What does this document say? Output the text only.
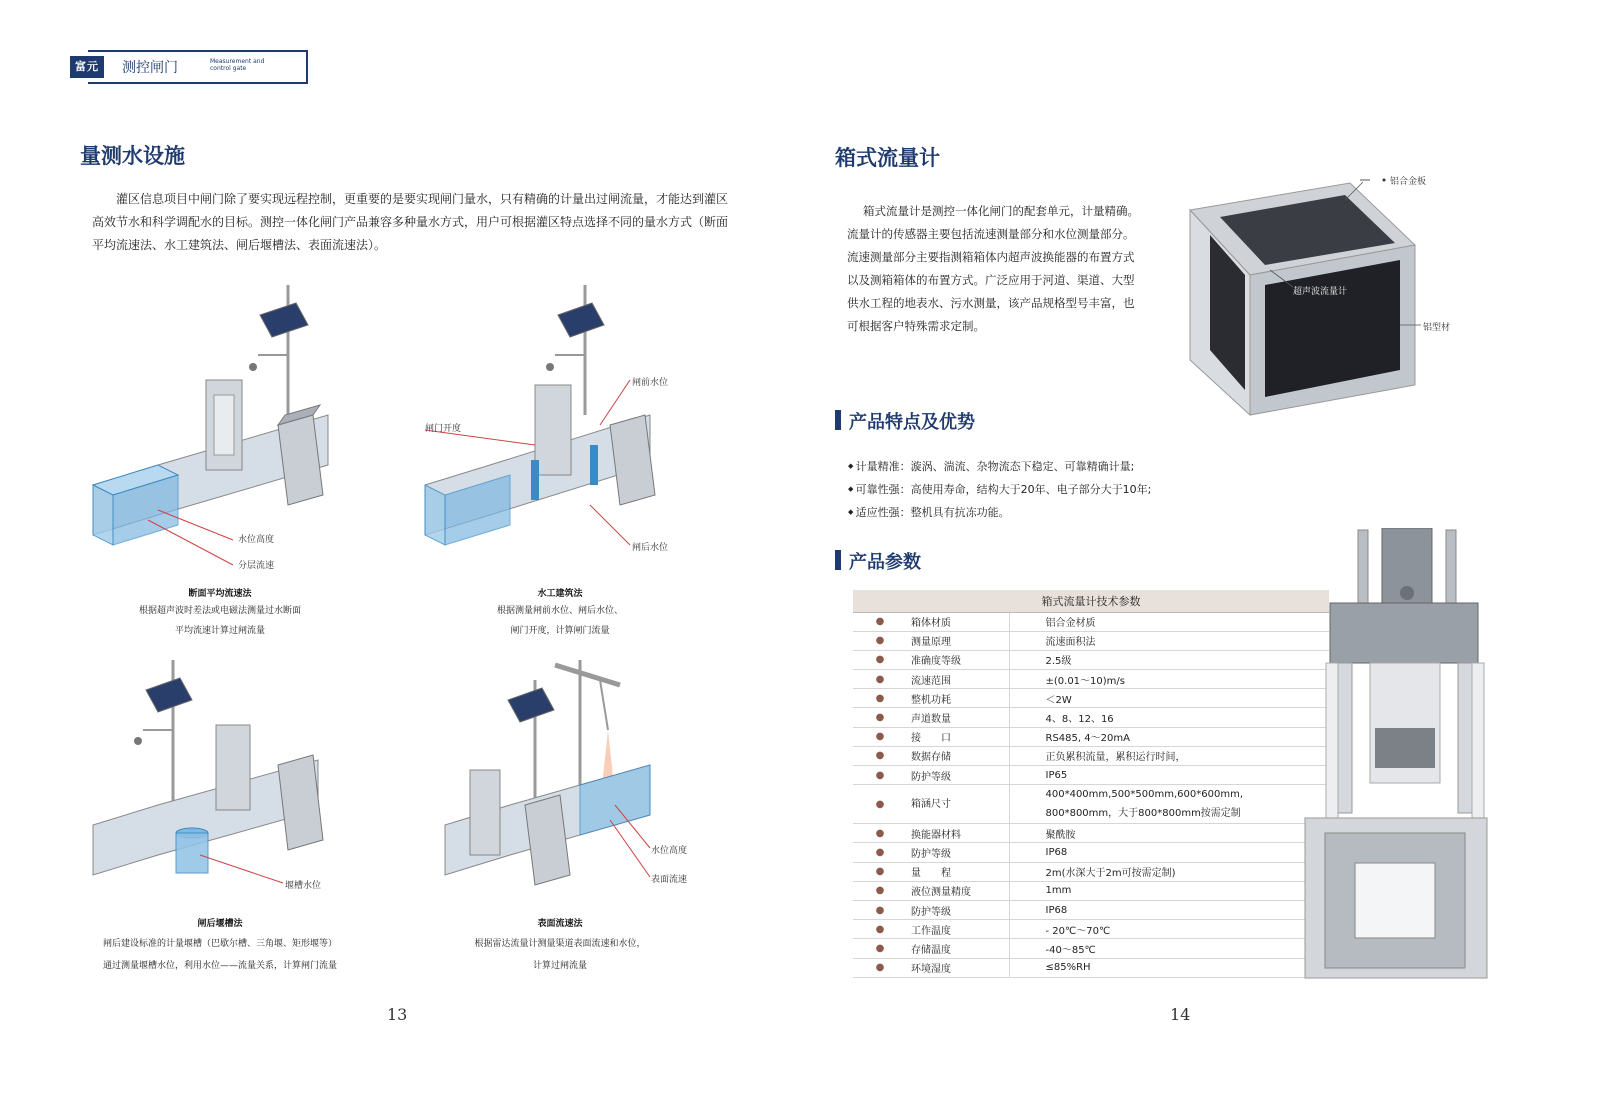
富元	测控闸门	Measurement and control gate
量测水设施

灌区信息项目中闸门除了要实现远程控制，更重要的是要实现闸门量水，只有精确的计量出过闸流量，才能达到灌区高效节水和科学调配水的目标。测控一体化闸门产品兼容多种量水方式，用户可根据灌区特点选择不同的量水方式（断面平均流速法、水工建筑法、闸后堰槽法、表面流速法）。

水位高度
分层流速
断面平均流速法
根据超声波时差法或电磁法测量过水断面
平均流速计算过闸流量
闸前水位
闸门开度
闸后水位
水工建筑法
根据测量闸前水位、闸后水位、
闸门开度，计算闸门流量
堰槽水位
闸后堰槽法
闸后建设标准的计量堰槽（巴歇尔槽、三角堰、矩形堰等）
通过测量堰槽水位，利用水位——流量关系，计算闸门流量
水位高度
表面流速
表面流速法
根据雷达流量计测量渠道表面流速和水位，
计算过闸流量
13
箱式流量计
箱式流量计是测控一体化闸门的配套单元，计量精确。
流量计的传感器主要包括流速测量部分和水位测量部分。
流速测量部分主要指测箱箱体内超声波换能器的布置方式
以及测箱箱体的布置方式。广泛应用于河道、渠道、大型
供水工程的地表水、污水测量，该产品规格型号丰富，也
可根据客户特殊需求定制。
铝合金板
超声波流量计
铝型材
产品特点及优势
◆ 计量精准：漩涡、湍流、杂物流态下稳定、可靠精确计量;
◆ 可靠性强：高使用寿命，结构大于20年、电子部分大于10年;
◆ 适应性强：整机具有抗冻功能。
产品参数
箱式流量计技术参数		
●	箱体材质	铝合金材质
●	测量原理	流速面积法
●	准确度等级	2.5级
●	流速范围	±(0.01～10)m/s
●	整机功耗	＜2W
●	声道数量	4、8、12、16
●	接　　口	RS485, 4～20mA
●	数据存储	正负累积流量，累积运行时间，
●	防护等级	IP65
●	箱涵尺寸	400*400mm,500*500mm,600*600mm,
800*800mm，大于800*800mm按需定制

●	换能器材料	聚酰胺
●	防护等级	IP68
●	量　　程	2m(水深大于2m可按需定制)
●	液位测量精度	1mm
●	防护等级	IP68
●	工作温度	- 20℃～70℃
●	存储温度	-40～85℃
●	环境湿度	≤85%RH
14
